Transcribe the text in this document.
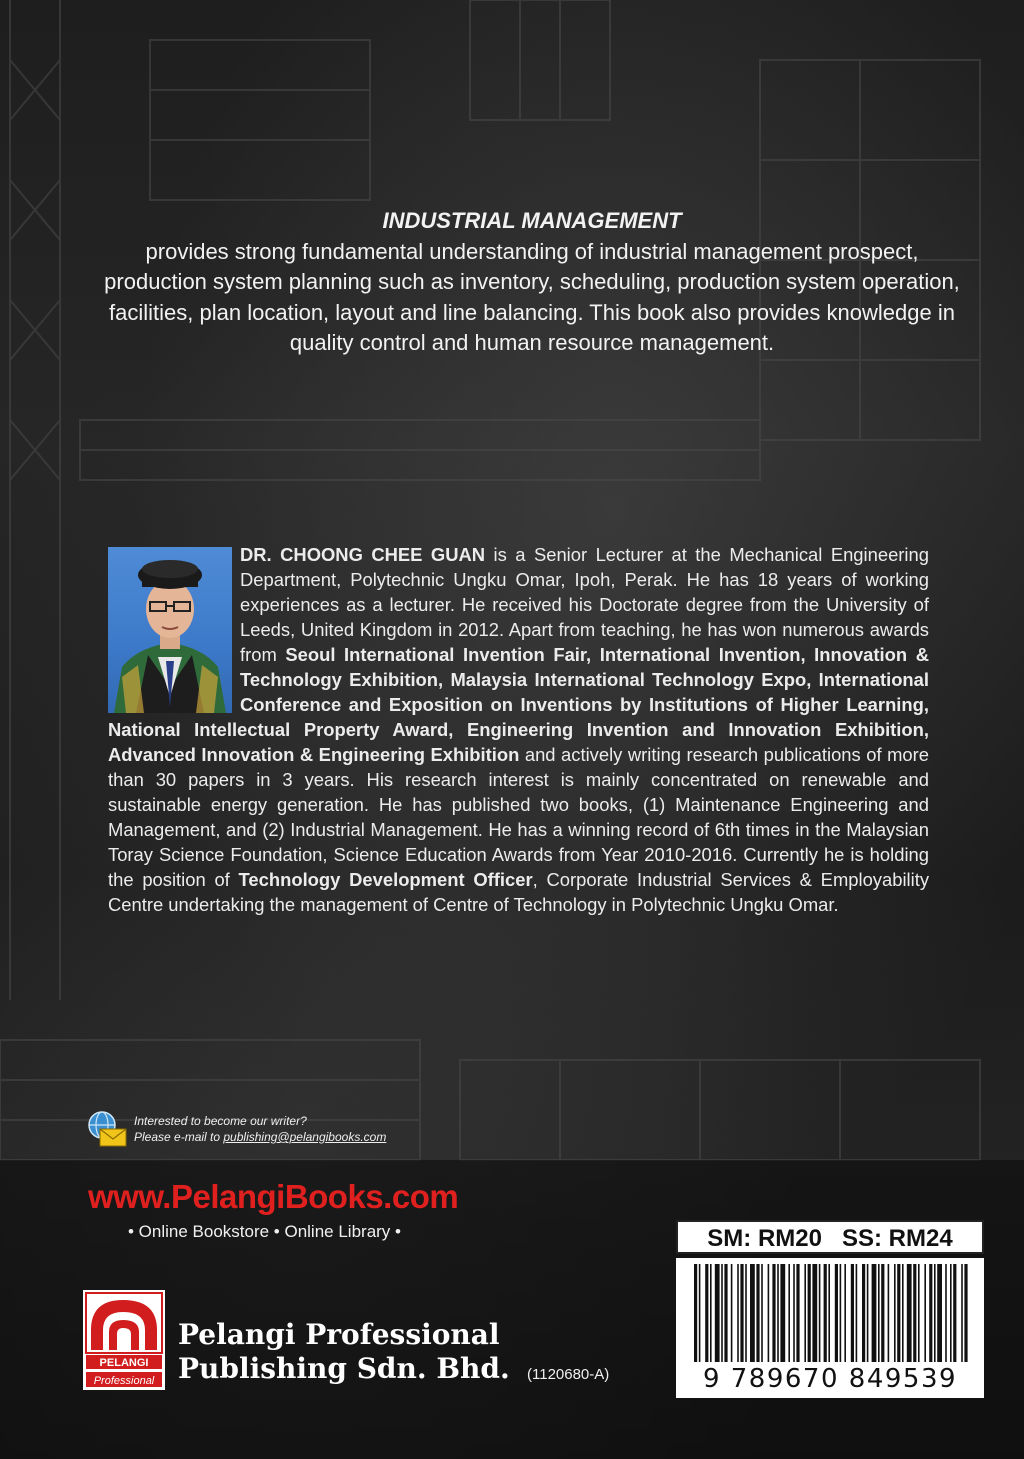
INDUSTRIAL MANAGEMENT
provides strong fundamental understanding of industrial management prospect, production system planning such as inventory, scheduling, production system operation, facilities, plan location, layout and line balancing. This book also provides knowledge in quality control and human resource management.
DR. CHOONG CHEE GUAN is a Senior Lecturer at the Mechanical Engineering Department, Polytechnic Ungku Omar, Ipoh, Perak. He has 18 years of working experiences as a lecturer. He received his Doctorate degree from the University of Leeds, United Kingdom in 2012. Apart from teaching, he has won numerous awards from Seoul International Invention Fair, International Invention, Innovation & Technology Exhibition, Malaysia International Technology Expo, International Conference and Exposition on Inventions by Institutions of Higher Learning, National Intellectual Property Award, Engineering Invention and Innovation Exhibition, Advanced Innovation & Engineering Exhibition and actively writing research publications of more than 30 papers in 3 years. His research interest is mainly concentrated on renewable and sustainable energy generation. He has published two books, (1) Maintenance Engineering and Management, and (2) Industrial Management. He has a winning record of 6th times in the Malaysian Toray Science Foundation, Science Education Awards from Year 2010-2016. Currently he is holding the position of Technology Development Officer, Corporate Industrial Services & Employability Centre undertaking the management of Centre of Technology in Polytechnic Ungku Omar.
Interested to become our writer?
Please e-mail to publishing@pelangibooks.com
www.PelangiBooks.com
• Online Bookstore • Online Library •
PELANGI
Professional
Pelangi Professional
Publishing Sdn. Bhd. (1120680-A)
SM: RM20 SS: RM24
9 789670 849539
